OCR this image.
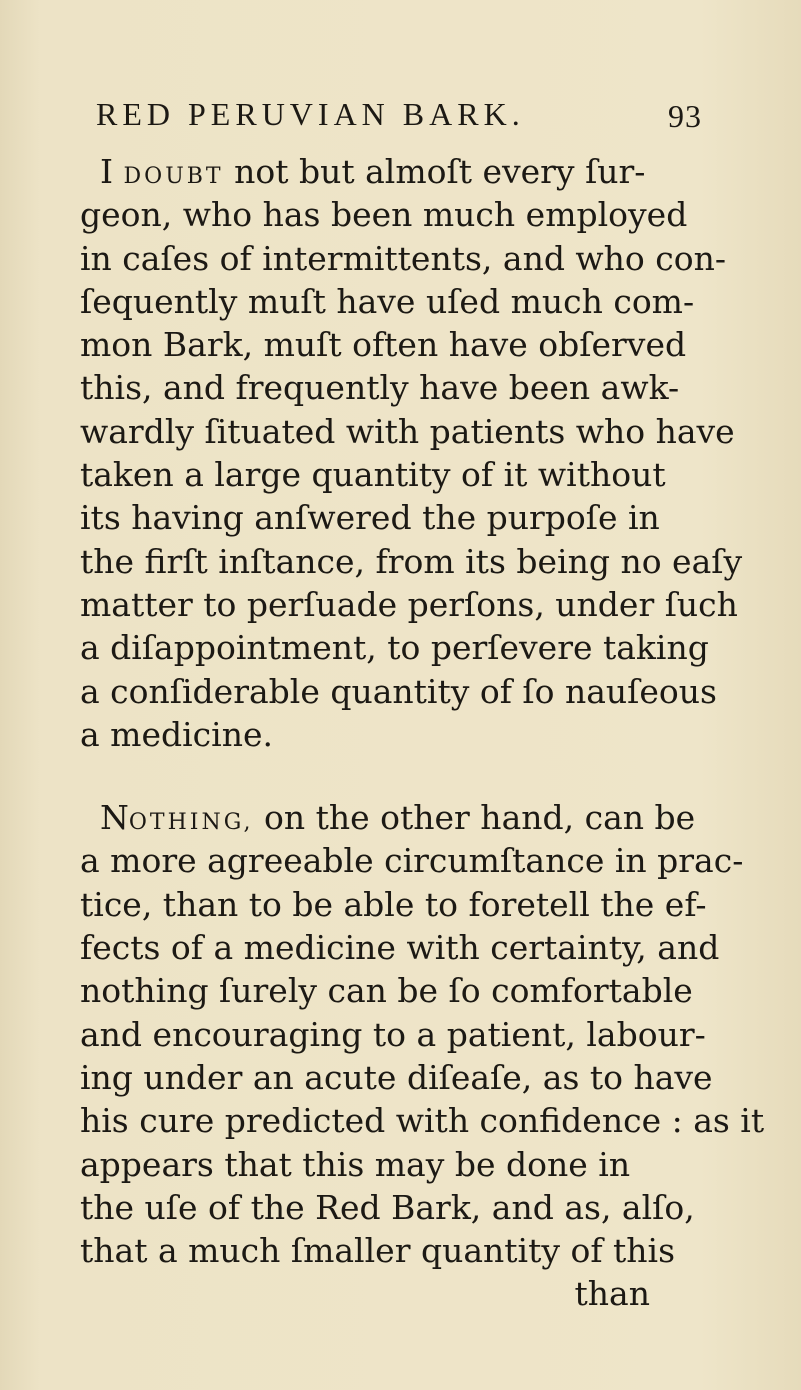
RED PERUVIAN BARK.	93
I DOUBT not but almoſt every ſur-
geon, who has been much employed
in caſes of intermittents, and who con-
ſequently muſt have uſed much com-
mon Bark, muſt often have obſerved
this, and frequently have been awk-
wardly ſituated with patients who have
taken a large quantity of it without
its having anſwered the purpoſe in
the firſt inſtance, from its being no eaſy
matter to perſuade perſons, under ſuch
a diſappointment, to perſevere taking
a conſiderable quantity of ſo nauſeous
a medicine.
NOTHING, on the other hand, can be
a more agreeable circumſtance in prac-
tice, than to be able to foretell the ef-
fects of a medicine with certainty, and
nothing ſurely can be ſo comfortable
and encouraging to a patient, labour-
ing under an acute diſeaſe, as to have
his cure predicted with confidence : as it
appears that this may be done in
the uſe of the Red Bark, and as, alſo,
that a much ſmaller quantity of this
than
